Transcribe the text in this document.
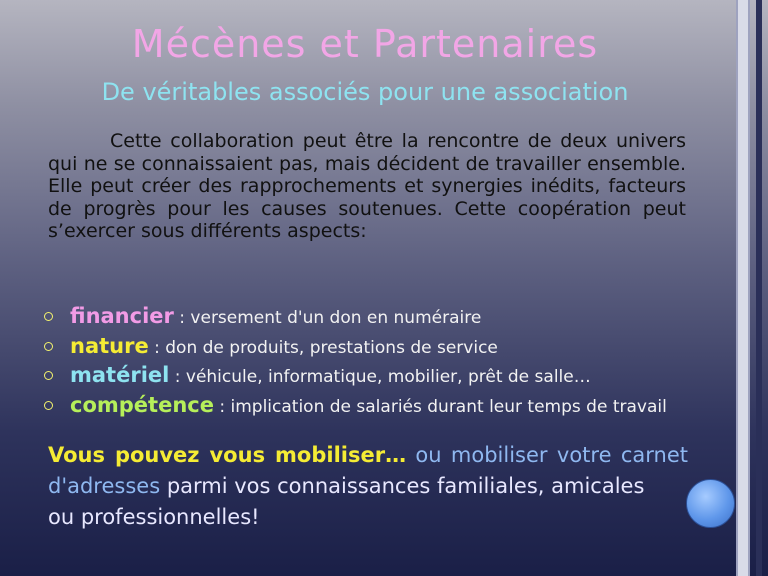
Mécènes et Partenaires
De véritables associés pour une association
Cette collaboration peut être la rencontre de deux univers qui ne se connaissaient pas, mais décident de travailler ensemble. Elle peut créer des rapprochements et synergies inédits, facteurs de progrès pour les causes soutenues. Cette coopération peut s’exercer sous différents aspects:
financier : versement d'un don en numéraire
nature : don de produits, prestations de service
matériel : véhicule, informatique, mobilier, prêt de salle…
compétence : implication de salariés durant leur temps de travail
Vous pouvez vous mobiliser… ou mobiliser votre carnet
d'adresses parmi vos connaissances familiales, amicales
ou professionnelles!
